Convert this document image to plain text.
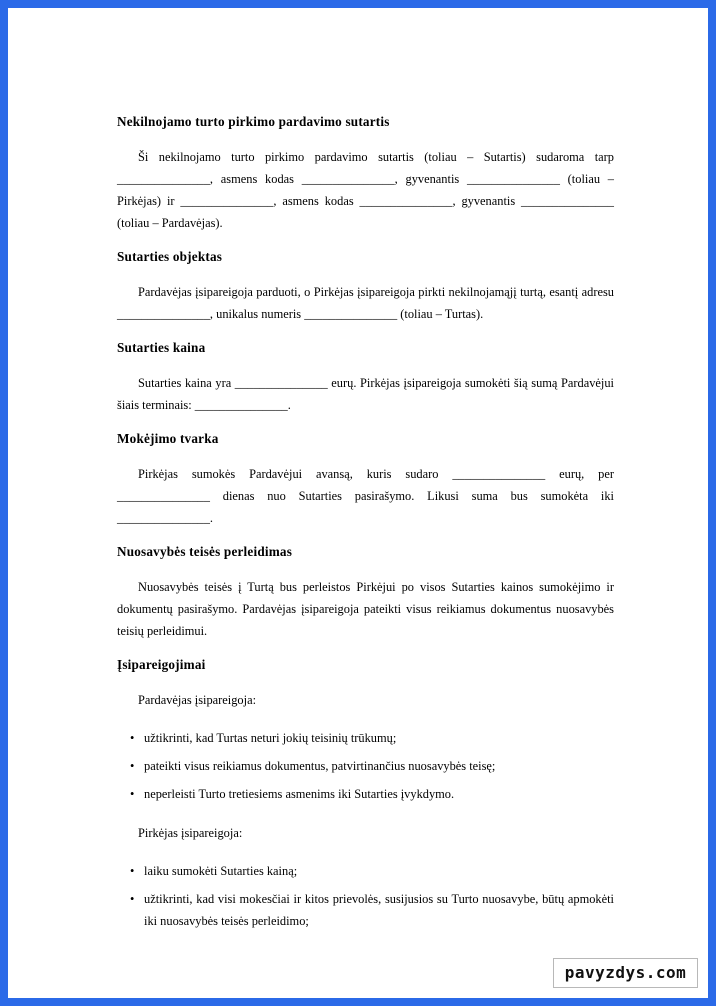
Nekilnojamo turto pirkimo pardavimo sutartis

Ši nekilnojamo turto pirkimo pardavimo sutartis (toliau – Sutartis) sudaroma tarp _______________, asmens kodas _______________, gyvenantis _______________ (toliau – Pirkėjas) ir _______________, asmens kodas _______________, gyvenantis _______________ (toliau – Pardavėjas).

Sutarties objektas

Pardavėjas įsipareigoja parduoti, o Pirkėjas įsipareigoja pirkti nekilnojamąjį turtą, esantį adresu _______________, unikalus numeris _______________ (toliau – Turtas).

Sutarties kaina

Sutarties kaina yra _______________ eurų. Pirkėjas įsipareigoja sumokėti šią sumą Pardavėjui šiais terminais: _______________.

Mokėjimo tvarka

Pirkėjas sumokės Pardavėjui avansą, kuris sudaro _______________ eurų, per _______________ dienas nuo Sutarties pasirašymo. Likusi suma bus sumokėta iki _______________.

Nuosavybės teisės perleidimas

Nuosavybės teisės į Turtą bus perleistos Pirkėjui po visos Sutarties kainos sumokėjimo ir dokumentų pasirašymo. Pardavėjas įsipareigoja pateikti visus reikiamus dokumentus nuosavybės teisių perleidimui.

Įsipareigojimai
Pardavėjas įsipareigoja:
• užtikrinti, kad Turtas neturi jokių teisinių trūkumų;
• pateikti visus reikiamus dokumentus, patvirtinančius nuosavybės teisę;
• neperleisti Turto tretiesiems asmenims iki Sutarties įvykdymo.
Pirkėjas įsipareigoja:
• laiku sumokėti Sutarties kainą;
• užtikrinti, kad visi mokesčiai ir kitos prievolės, susijusios su Turto nuosavybe, būtų apmokėti iki nuosavybės teisės perleidimo;
pavyzdys.com
